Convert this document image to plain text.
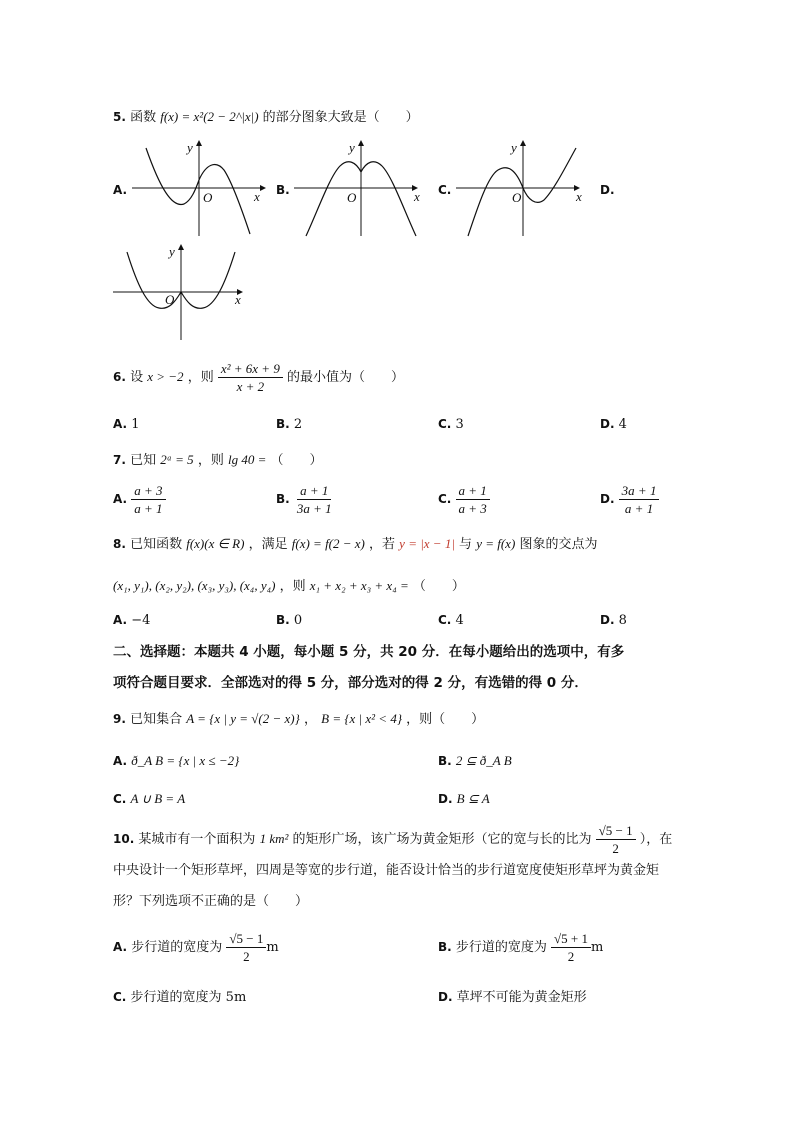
5. 函数 f(x) = x²(2 − 2^|x|) 的部分图象大致是（　　）
A.	B.	C.	D.
O	x
y
O	x
y
O	x
y
O	x
y
6. 设 x > −2 ，则 $\frac{\text{x² + 6x + 9}}{x + 2}$ 的最小值为（　　）
A. 1	B. 2	C. 3	D. 4
7. 已知 2ᵃ = 5 ，则 lg 40 = （　　）
A. $\frac{a + 3}{a + 1}$	B. $\frac{a + 1}{3a + 1}$	C. $\frac{a + 1}{a + 3}$	D. $\frac{3a + 1}{a + 1}$
8. 已知函数 f(x)(x ∈ R) ，满足 f(x) = f(2 − x) ，若 y = |x − 1| 与 y = f(x) 图象的交点为
(x₁, y₁), (x₂, y₂), (x₃, y₃), (x₄, y₄) ，则 x₁ + x₂ + x₃ + x₄ = （　　）
A. −4	B. 0	C. 4	D. 8
二、选择题：本题共 4 小题，每小题 5 分，共 20 分．在每小题给出的选项中，有多
项符合题目要求．全部选对的得 5 分，部分选对的得 2 分，有选错的得 0 分．
9. 已知集合 A = {x | y = √(2 − x)} ， B = {x | x² < 4} ，则（　　）
A. ð_A B = {x | x ≤ −2}	B. 2 ⊆ ð_A B
C. A ∪ B = A	D. B ⊆ A
10. 某城市有一个面积为 1 km² 的矩形广场，该广场为黄金矩形（它的宽与长的比为 $\frac{√5 - 1}{2}$ ），在
中央设计一个矩形草坪，四周是等宽的步行道，能否设计恰当的步行道宽度使矩形草坪为黄金矩
形？下列选项不正确的是（　　）
A. 步行道的宽度为 $\frac{√5 - 1}{2}$ m	B. 步行道的宽度为 $\frac{√5 + 1}{2}$ m
C. 步行道的宽度为 5m	D. 草坪不可能为黄金矩形
